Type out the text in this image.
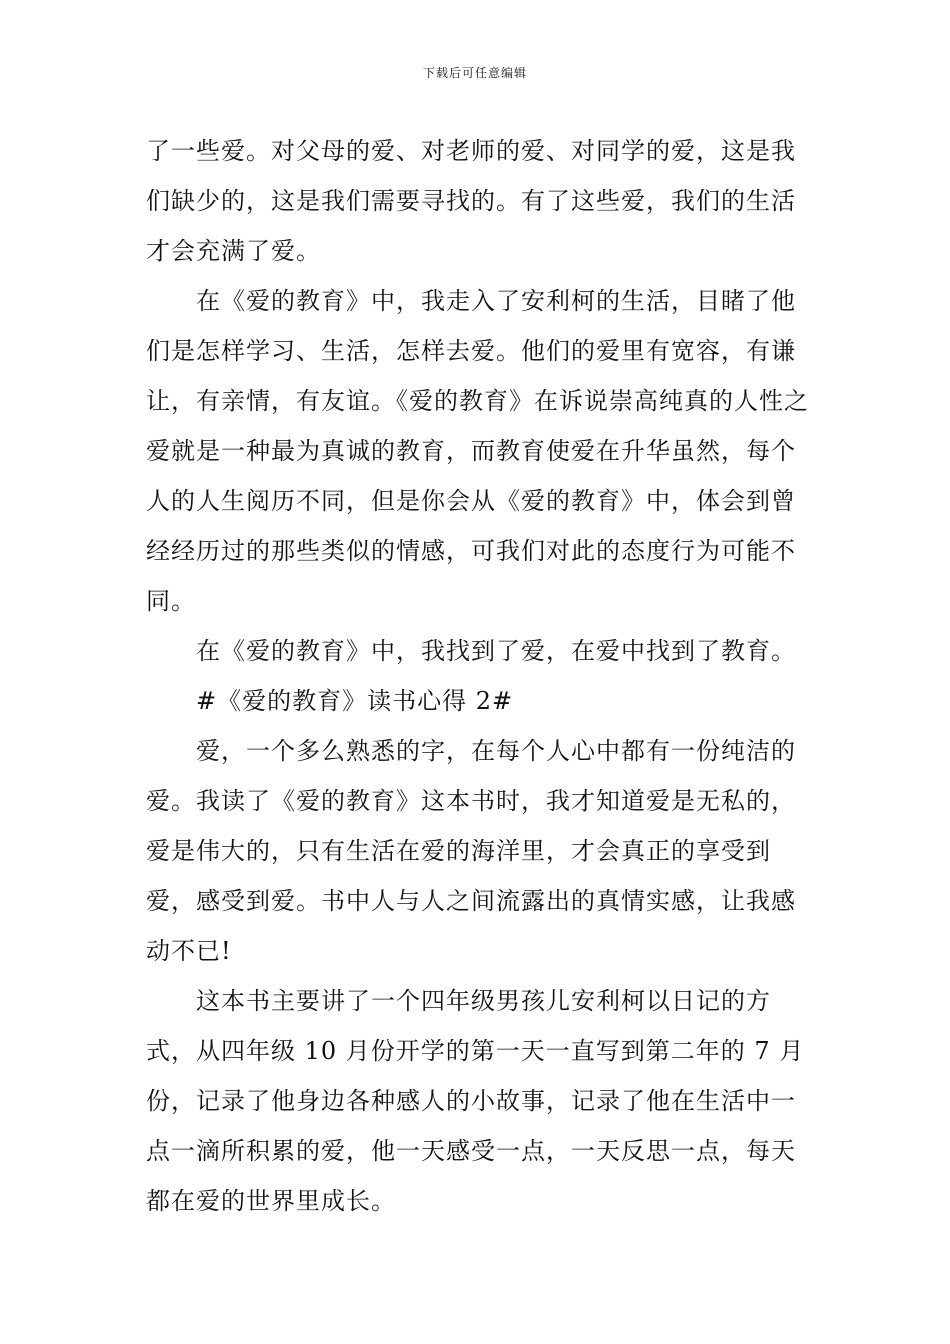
下载后可任意编辑

了一些爱。对父母的爱、对老师的爱、对同学的爱，这是我们缺少的，这是我们需要寻找的。有了这些爱，我们的生活才会充满了爱。

在《爱的教育》中，我走入了安利柯的生活，目睹了他们是怎样学习、生活，怎样去爱。他们的爱里有宽容，有谦让，有亲情，有友谊。《爱的教育》在诉说崇高纯真的人性之爱就是一种最为真诚的教育，而教育使爱在升华虽然，每个人的人生阅历不同，但是你会从《爱的教育》中，体会到曾经经历过的那些类似的情感，可我们对此的态度行为可能不同。

在《爱的教育》中，我找到了爱，在爱中找到了教育。

#《爱的教育》读书心得 2#

爱，一个多么熟悉的字，在每个人心中都有一份纯洁的爱。我读了《爱的教育》这本书时，我才知道爱是无私的，爱是伟大的，只有生活在爱的海洋里，才会真正的享受到爱，感受到爱。书中人与人之间流露出的真情实感，让我感动不已!

这本书主要讲了一个四年级男孩儿安利柯以日记的方式，从四年级 10 月份开学的第一天一直写到第二年的 7 月份，记录了他身边各种感人的小故事，记录了他在生活中一点一滴所积累的爱，他一天感受一点，一天反思一点，每天都在爱的世界里成长。
